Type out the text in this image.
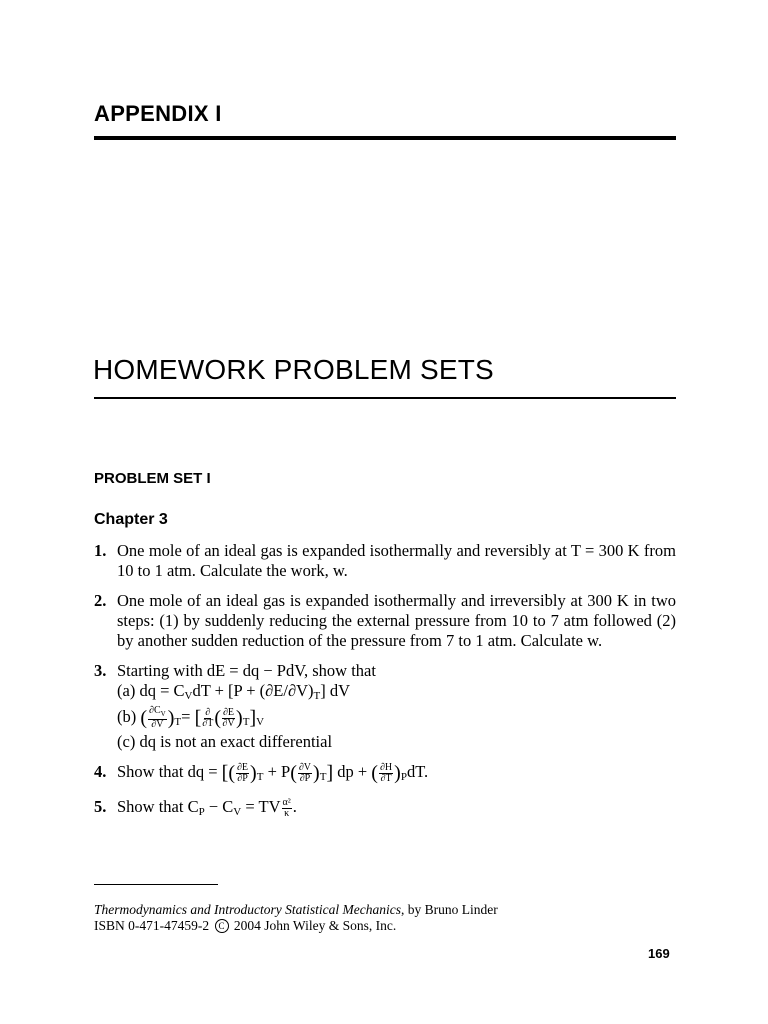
APPENDIX I
HOMEWORK PROBLEM SETS
PROBLEM SET I
Chapter 3
1. One mole of an ideal gas is expanded isothermally and reversibly at T = 300 K from 10 to 1 atm. Calculate the work, w.
2. One mole of an ideal gas is expanded isothermally and irreversibly at 300 K in two steps: (1) by suddenly reducing the external pressure from 10 to 7 atm followed (2) by another sudden reduction of the pressure from 7 to 1 atm. Calculate w.
3. Starting with dE = dq − PdV, show that
(a) dq = CVdT + [P + (∂E/∂V)T] dV
(b) ( $\frac{\partial C_V}{\partial V} )T=$ [ $\frac{\partial}{\partial T}$ ( $\frac{\partial E}{\partial V} )T]V$
(c) dq is not an exact differential
4. Show that dq = [( $\frac{\partial E}{\partial P} )T + P( \frac{\partial V}{\partial P} )T$] dp + ( $\frac{\partial H}{\partial T} )PdT$.
5. Show that CP − CV = TV $\frac{\text{α²}}{\kappa}$ .
Thermodynamics and Introductory Statistical Mechanics, by Bruno Linder
ISBN 0-471-47459-2 C 2004 John Wiley & Sons, Inc.
169
